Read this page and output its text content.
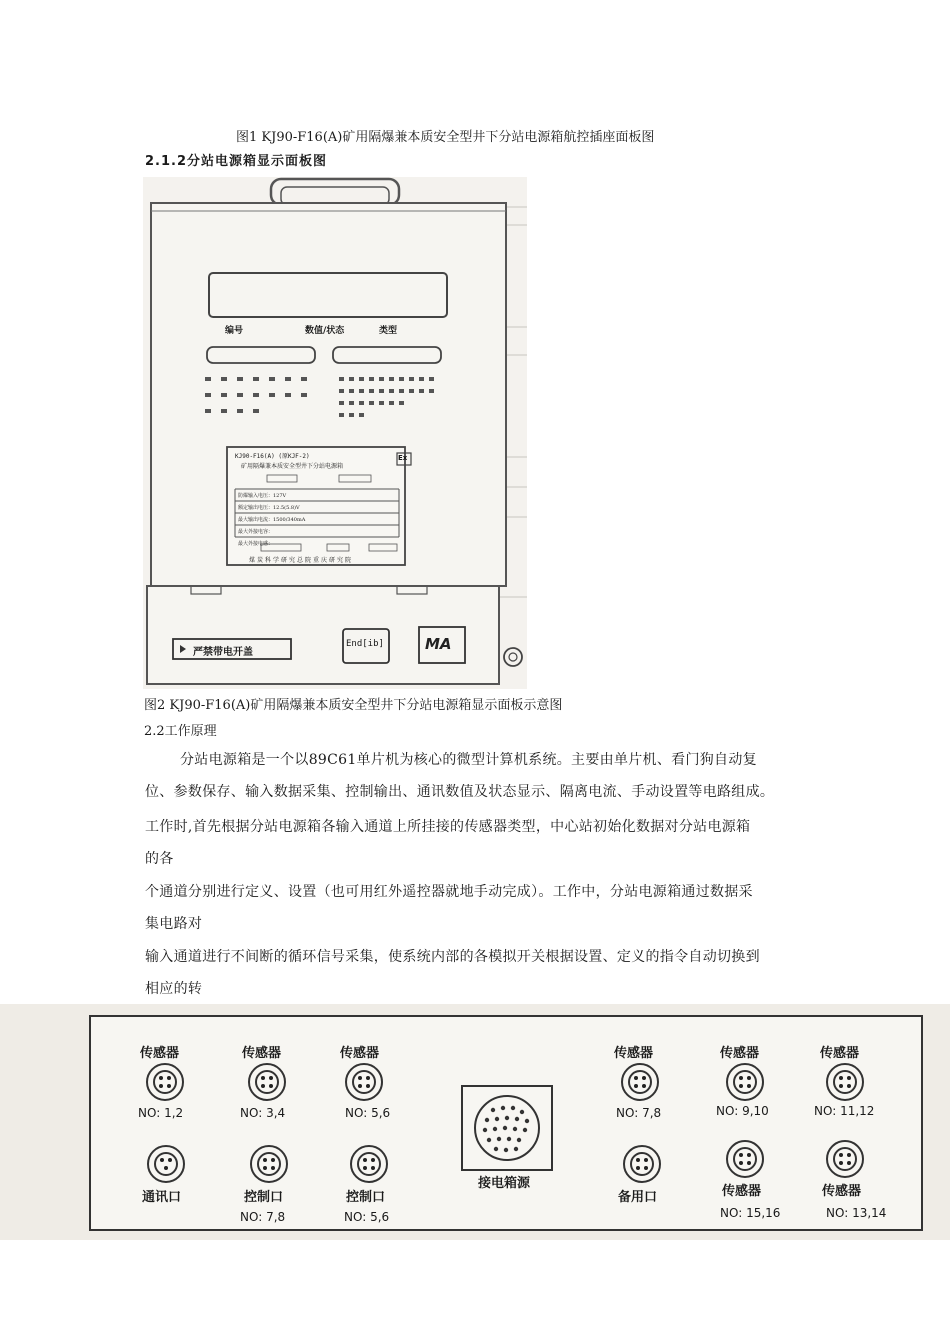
图1 KJ90-F16(A)矿用隔爆兼本质安全型井下分站电源箱航控插座面板图
2.1.2分站电源箱显示面板图
编号	数值/状态	类型
KJ90-F16(A) (原KJF-2)
矿用隔爆兼本质安全型井下分站电源箱
Ex
防爆输入电压：127V
额定输出电压：12.5(5.8)V
最大输出电流：1500/340mA
最大外接电容：
最大外接电感：
煤炭科学研究总院重庆研究院
严禁带电开盖
End[ib]	MA
图2 KJ90-F16(A)矿用隔爆兼本质安全型井下分站电源箱显示面板示意图
2.2工作原理
分站电源箱是一个以89C61单片机为核心的微型计算机系统。主要由单片机、看门狗自动复
位、参数保存、输入数据采集、控制输出、通讯数值及状态显示、隔离电流、手动设置等电路组成。
工作时,首先根据分站电源箱各输入通道上所挂接的传感器类型，中心站初始化数据对分站电源箱
的各
个通道分别进行定义、设置（也可用红外遥控器就地手动完成）。工作中，分站电源箱通过数据采
集电路对
输入通道进行不间断的循环信号采集，使系统内部的各模拟开关根据设置、定义的指令自动切换到
相应的转
传感器
NO: 1,2
传感器
NO: 3,4
传感器
NO: 5,6
传感器
NO: 7,8
传感器
NO: 9,10
传感器
NO: 11,12
通讯口	控制口
NO: 7,8
控制口
NO: 5,6
备用口	传感器
NO: 15,16
传感器
NO: 13,14
接电箱源
